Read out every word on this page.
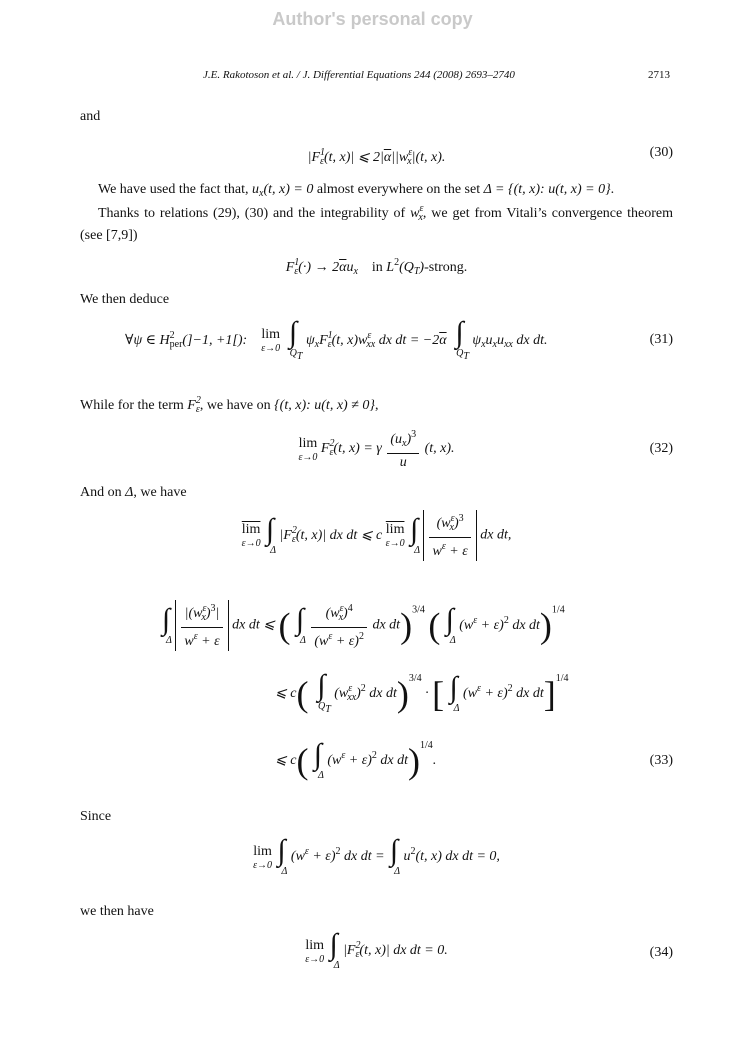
Author's personal copy
J.E. Rakotoson et al. / J. Differential Equations 244 (2008) 2693–2740	2713
and
$|F^1_\varepsilon(t$, x)| ⩽ $2|\overline{\alpha}||w^\varepsilon_x|(t$, x).	(30)
We have used the fact that, $u_x(t$, x) = 0 almost everywhere on the set Δ = {(t, x): u(t, x) = 0}.
Thanks to relations (29), (30) and the integrability of $w^\varepsilon_x$, we get from Vitali’s convergence theorem (see [7,9])
$F^1_\varepsilon(\cdot) \to 2\overline{\alpha}u_x$    in $L^2(Q_T)$-strong.
We then deduce
∀ψ ∈ $H^2_{per}(]-1$, +1[): lim
ε→0
∫
QT
$\psi_xF^1_\varepsilon(t$, $x)w^\varepsilon_{xx}$ dx dt = $-2\overline{\alpha}$ ∫
QT
$\psi_xu_xu_{xx}$ dx dt.	(31)
While for the term $F^2_\varepsilon$, we have on {(t, x): u(t, x) ≠ 0},
lim
ε→0
$F^2_\varepsilon(t$, x) = γ $\frac{(u_x)^3}{u} (t$, x).	(32)
And on Δ, we have
$\overline{lim}$
ε→0
∫
Δ
$|F^2_\varepsilon(t$, x)| dx dt ⩽ c $\overline{lim}$
ε→0
∫
Δ
$\frac{(w^\varepsilon_x)^3}{w^\varepsilon + \varepsilon}$ dx dt,
∫
Δ
$\frac{|(w^\varepsilon_x)^3|}{w^\varepsilon + \varepsilon}$ dx dt ⩽ ( ∫
Δ
$\frac{(w^\varepsilon_x)^4}{(w^\varepsilon + \varepsilon)^2}$ dx dt)$^{3/4}$ ( ∫
Δ
$(w^\varepsilon + \varepsilon)^2$ dx dt)$^{1/4}$
⩽ c( ∫
QT
$(w^\varepsilon_{xx})^2$ dx dt)$^{3/4}$ · [ ∫
Δ
$(w^\varepsilon + \varepsilon)^2$ dx dt]$^{1/4}$
⩽ c( ∫
Δ
$(w^\varepsilon + \varepsilon)^2$ dx dt)$^{1/4}$.	(33)
Since
lim
ε→0
∫
Δ
$(w^\varepsilon + \varepsilon)^2$ dx dt = ∫
Δ
$u^2(t$, x) dx dt = 0,
we then have
lim
ε→0
∫
Δ
$|F^2_\varepsilon(t$, x)| dx dt = 0.	(34)
